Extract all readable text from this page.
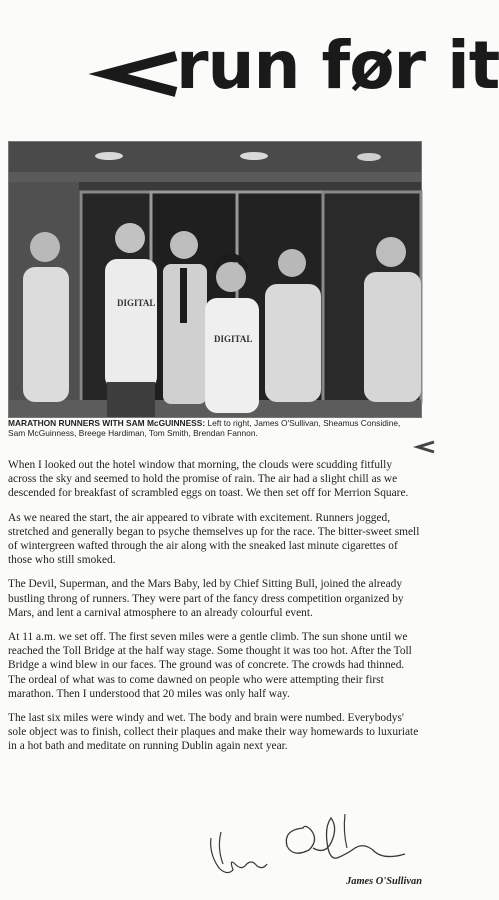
run før it
DIGITAL
DIGITAL
MARATHON RUNNERS WITH SAM McGUINNESS: Left to right, James O'Sullivan, Sheamus Considine, Sam McGuinness, Breege Hardiman, Tom Smith, Brendan Fannon.

When I looked out the hotel window that morning, the clouds were scudding fitfully across the sky and seemed to hold the promise of rain. The air had a slight chill as we descended for breakfast of scrambled eggs on toast. We then set off for Merrion Square.

As we neared the start, the air appeared to vibrate with excitement. Runners jogged, stretched and generally began to psyche themselves up for the race. The bitter-sweet smell of wintergreen wafted through the air along with the sneaked last minute cigarettes of those who still smoked.

The Devil, Superman, and the Mars Baby, led by Chief Sitting Bull, joined the already bustling throng of runners. They were part of the fancy dress competition organized by Mars, and lent a carnival atmosphere to an already colourful event.

At 11 a.m. we set off. The first seven miles were a gentle climb. The sun shone until we reached the Toll Bridge at the half way stage. Some thought it was too hot. After the Toll Bridge a wind blew in our faces. The ground was of concrete. The crowds had thinned. The ordeal of what was to come dawned on people who were attempting their first marathon. Then I understood that 20 miles was only half way.

The last six miles were windy and wet. The body and brain were numbed. Everybodys' sole object was to finish, collect their plaques and make their way homewards to luxuriate in a hot bath and meditate on running Dublin again next year.

James O'Sullivan
